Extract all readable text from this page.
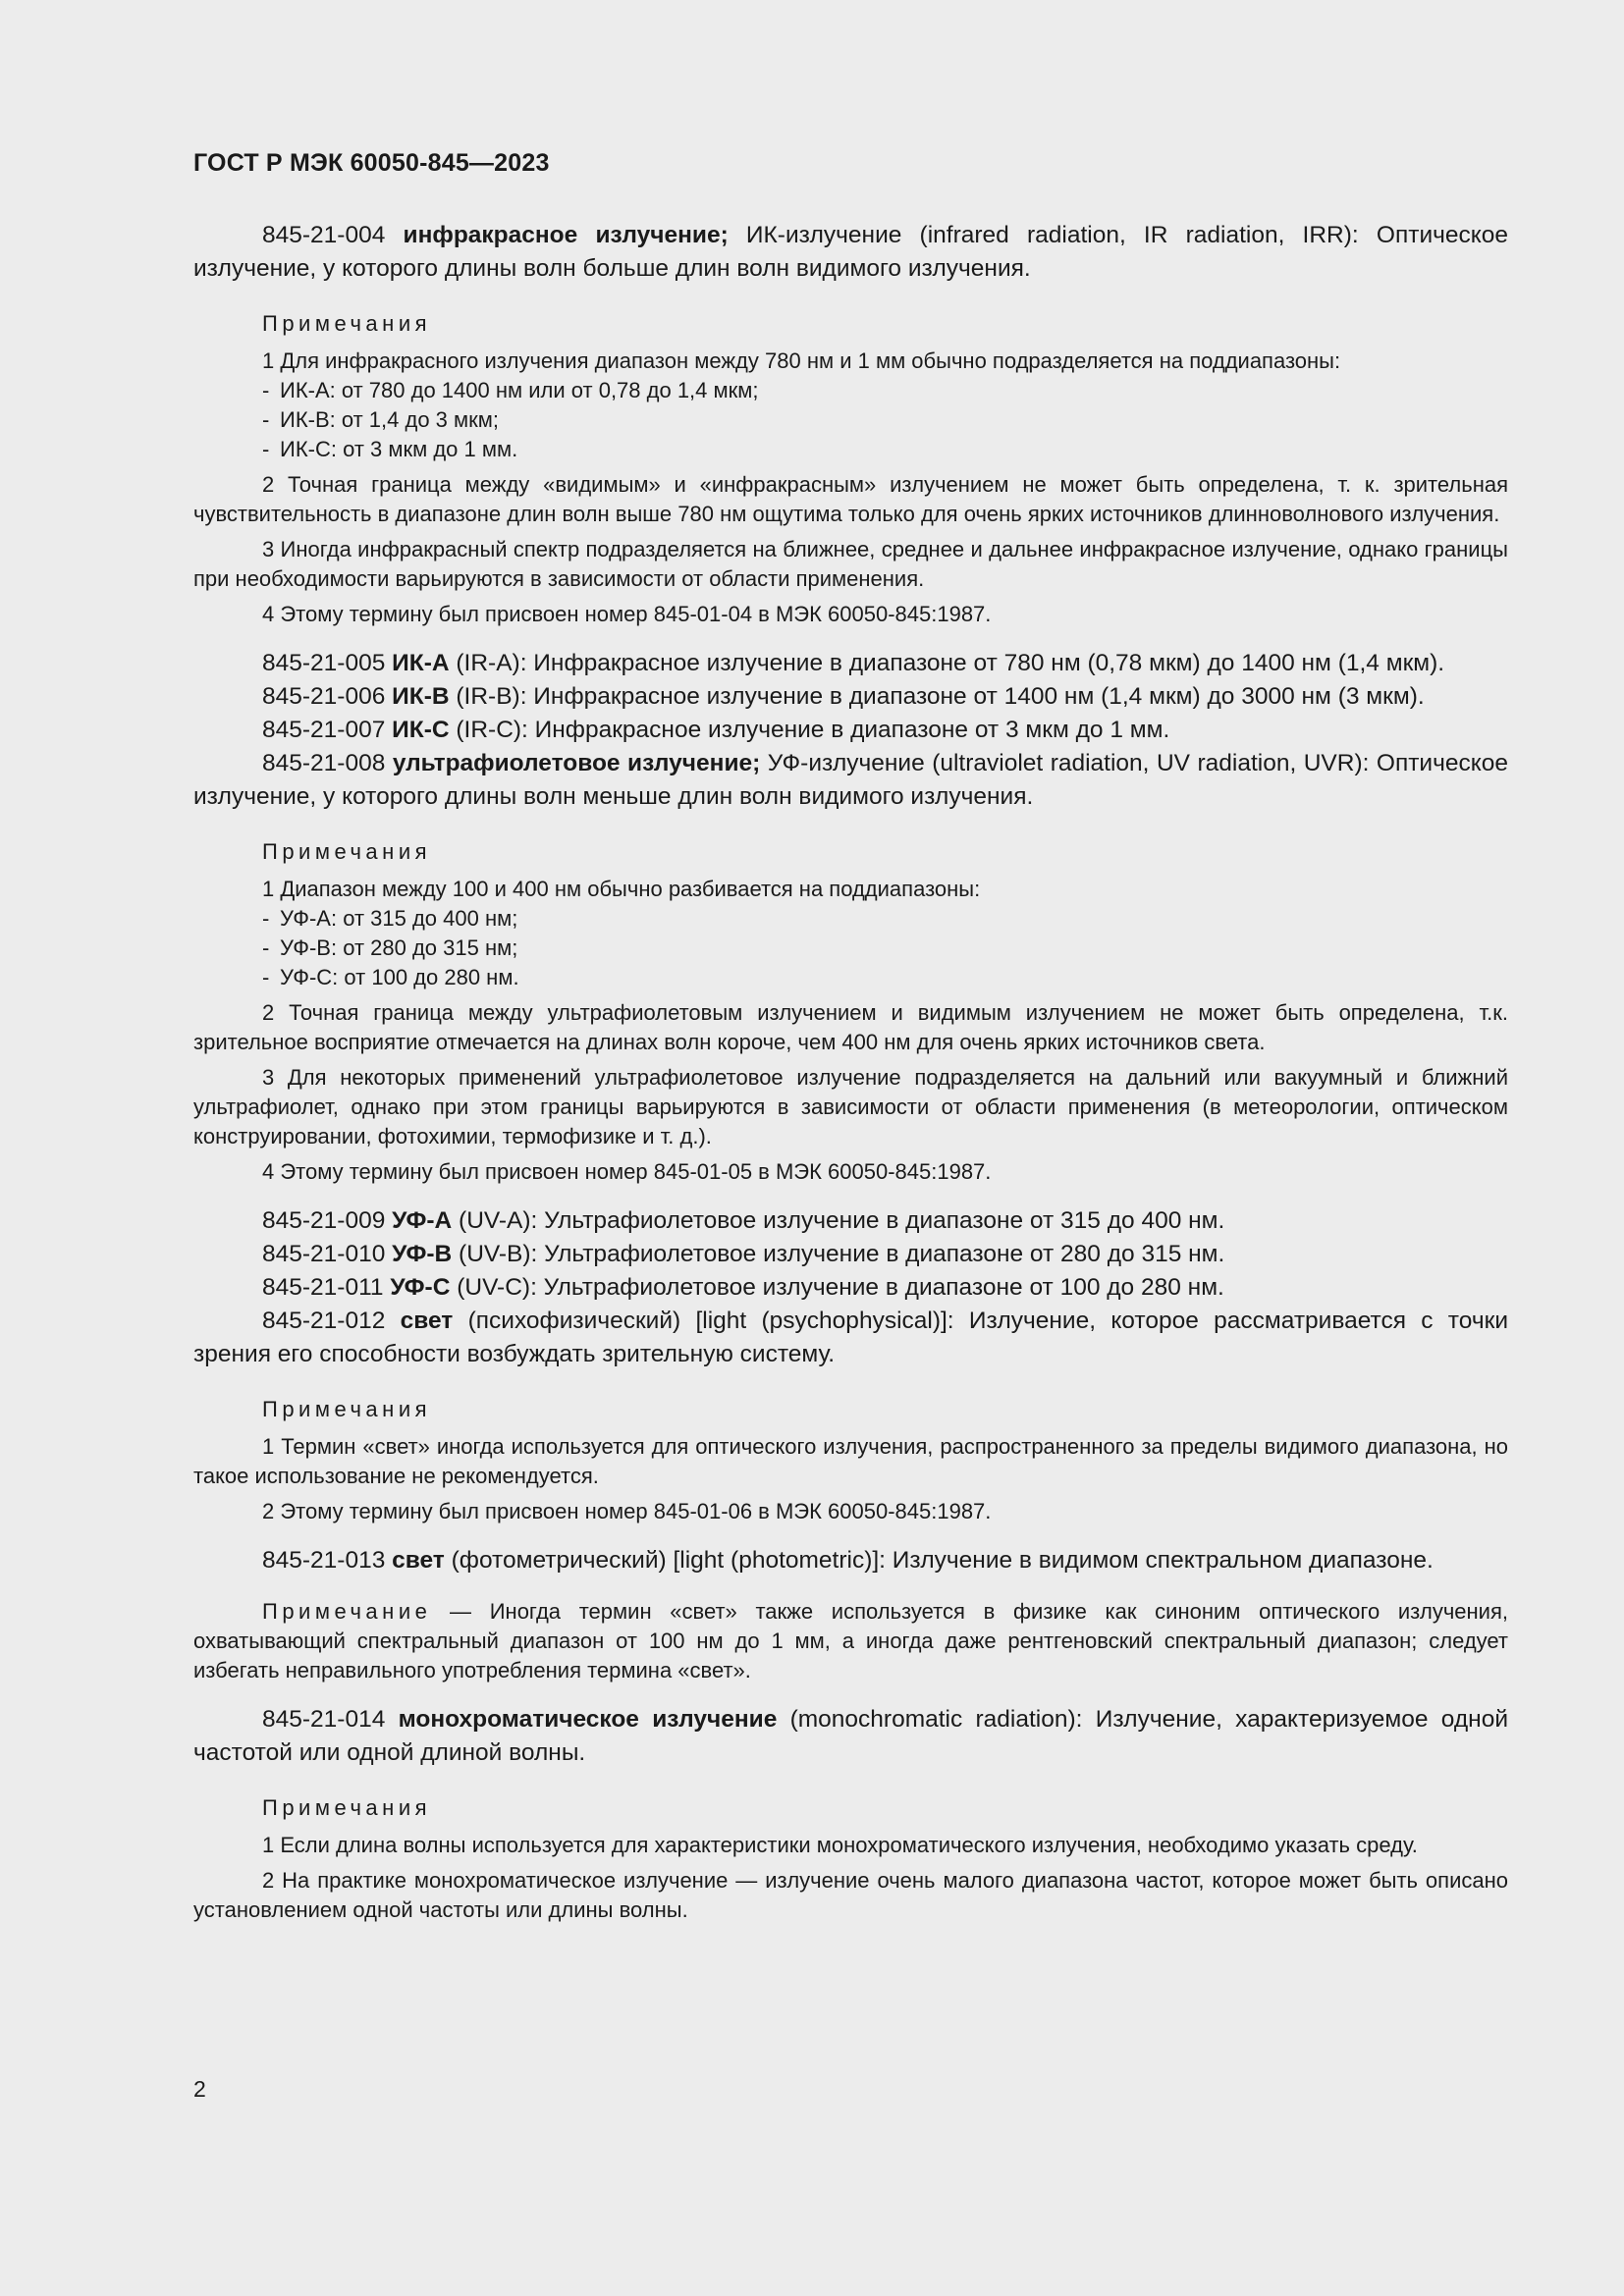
ГОСТ Р МЭК 60050-845—2023

845-21-004 инфракрасное излучение; ИК-излучение (infrared radiation, IR radiation, IRR): Оптическое излучение, у которого длины волн больше длин волн видимого излучения.

Примечания

1 Для инфракрасного излучения диапазон между 780 нм и 1 мм обычно подразделяется на поддиапазоны:

- ИК-А: от 780 до 1400 нм или от 0,78 до 1,4 мкм;

- ИК-В: от 1,4 до 3 мкм;

- ИК-С: от 3 мкм до 1 мм.

2 Точная граница между «видимым» и «инфракрасным» излучением не может быть определена, т. к. зрительная чувствительность в диапазоне длин волн выше 780 нм ощутима только для очень ярких источников длинноволнового излучения.

3 Иногда инфракрасный спектр подразделяется на ближнее, среднее и дальнее инфракрасное излучение, однако границы при необходимости варьируются в зависимости от области применения.

4 Этому термину был присвоен номер 845-01-04 в МЭК 60050-845:1987.

845-21-005 ИК-А (IR-A): Инфракрасное излучение в диапазоне от 780 нм (0,78 мкм) до 1400 нм (1,4 мкм).

845-21-006 ИК-В (IR-B): Инфракрасное излучение в диапазоне от 1400 нм (1,4 мкм) до 3000 нм (3 мкм).

845-21-007 ИК-С (IR-C): Инфракрасное излучение в диапазоне от 3 мкм до 1 мм.

845-21-008 ультрафиолетовое излучение; УФ-излучение (ultraviolet radiation, UV radiation, UVR): Оптическое излучение, у которого длины волн меньше длин волн видимого излучения.

Примечания

1 Диапазон между 100 и 400 нм обычно разбивается на поддиапазоны:

- УФ-А: от 315 до 400 нм;

- УФ-В: от 280 до 315 нм;

- УФ-С: от 100 до 280 нм.

2 Точная граница между ультрафиолетовым излучением и видимым излучением не может быть определена, т.к. зрительное восприятие отмечается на длинах волн короче, чем 400 нм для очень ярких источников света.

3 Для некоторых применений ультрафиолетовое излучение подразделяется на дальний или вакуумный и ближний ультрафиолет, однако при этом границы варьируются в зависимости от области применения (в метеорологии, оптическом конструировании, фотохимии, термофизике и т. д.).

4 Этому термину был присвоен номер 845-01-05 в МЭК 60050-845:1987.

845-21-009 УФ-А (UV-A): Ультрафиолетовое излучение в диапазоне от 315 до 400 нм.

845-21-010 УФ-В (UV-B): Ультрафиолетовое излучение в диапазоне от 280 до 315 нм.

845-21-011 УФ-С (UV-C): Ультрафиолетовое излучение в диапазоне от 100 до 280 нм.

845-21-012 свет (психофизический) [light (psychophysical)]: Излучение, которое рассматривается с точки зрения его способности возбуждать зрительную систему.

Примечания

1 Термин «свет» иногда используется для оптического излучения, распространенного за пределы видимого диапазона, но такое использование не рекомендуется.

2 Этому термину был присвоен номер 845-01-06 в МЭК 60050-845:1987.

845-21-013 свет (фотометрический) [light (photometric)]: Излучение в видимом спектральном диапазоне.

Примечание — Иногда термин «свет» также используется в физике как синоним оптического излучения, охватывающий спектральный диапазон от 100 нм до 1 мм, а иногда даже рентгеновский спектральный диапазон; следует избегать неправильного употребления термина «свет».

845-21-014 монохроматическое излучение (monochromatic radiation): Излучение, характеризуемое одной частотой или одной длиной волны.

Примечания

1 Если длина волны используется для характеристики монохроматического излучения, необходимо указать среду.

2 На практике монохроматическое излучение — излучение очень малого диапазона частот, которое может быть описано установлением одной частоты или длины волны.

2
